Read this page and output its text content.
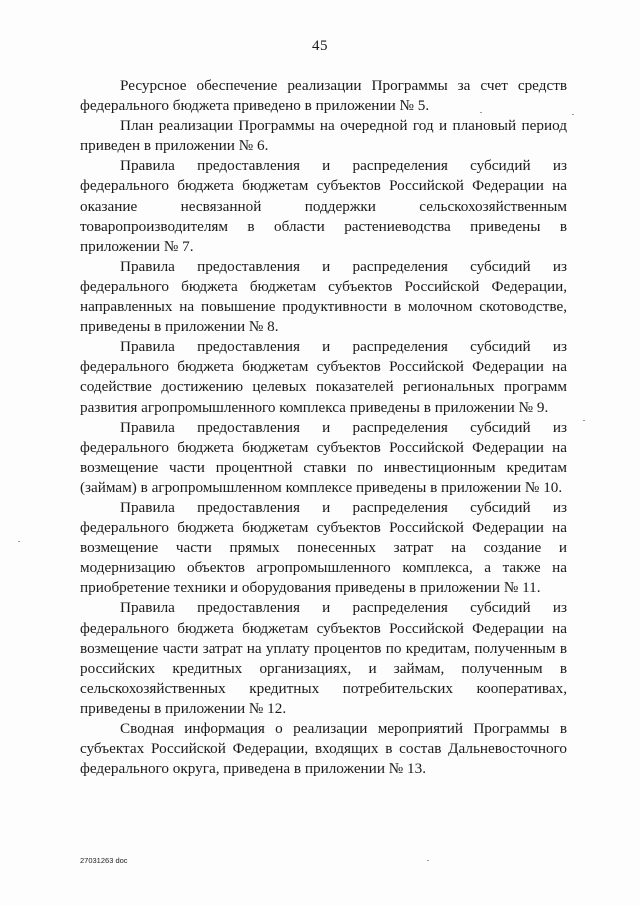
45

Ресурсное обеспечение реализации Программы за счет средств федерального бюджета приведено в приложении № 5.

План реализации Программы на очередной год и плановый период приведен в приложении № 6.

Правила предоставления и распределения субсидий из федерального бюджета бюджетам субъектов Российской Федерации на оказание несвязанной поддержки сельскохозяйственным товаропроизводителям в области растениеводства приведены в приложении № 7.

Правила предоставления и распределения субсидий из федерального бюджета бюджетам субъектов Российской Федерации, направленных на повышение продуктивности в молочном скотоводстве, приведены в приложении № 8.

Правила предоставления и распределения субсидий из федерального бюджета бюджетам субъектов Российской Федерации на содействие достижению целевых показателей региональных программ развития агропромышленного комплекса приведены в приложении № 9.

Правила предоставления и распределения субсидий из федерального бюджета бюджетам субъектов Российской Федерации на возмещение части процентной ставки по инвестиционным кредитам (займам) в агропромышленном комплексе приведены в приложении № 10.

Правила предоставления и распределения субсидий из федерального бюджета бюджетам субъектов Российской Федерации на возмещение части прямых понесенных затрат на создание и модернизацию объектов агропромышленного комплекса, а также на приобретение техники и оборудования приведены в приложении № 11.

Правила предоставления и распределения субсидий из федерального бюджета бюджетам субъектов Российской Федерации на возмещение части затрат на уплату процентов по кредитам, полученным в российских кредитных организациях, и займам, полученным в сельскохозяйственных кредитных потребительских кооперативах, приведены в приложении № 12.

Сводная информация о реализации мероприятий Программы в субъектах Российской Федерации, входящих в состав Дальневосточного федерального округа, приведена в приложении № 13.

27031263 doc
